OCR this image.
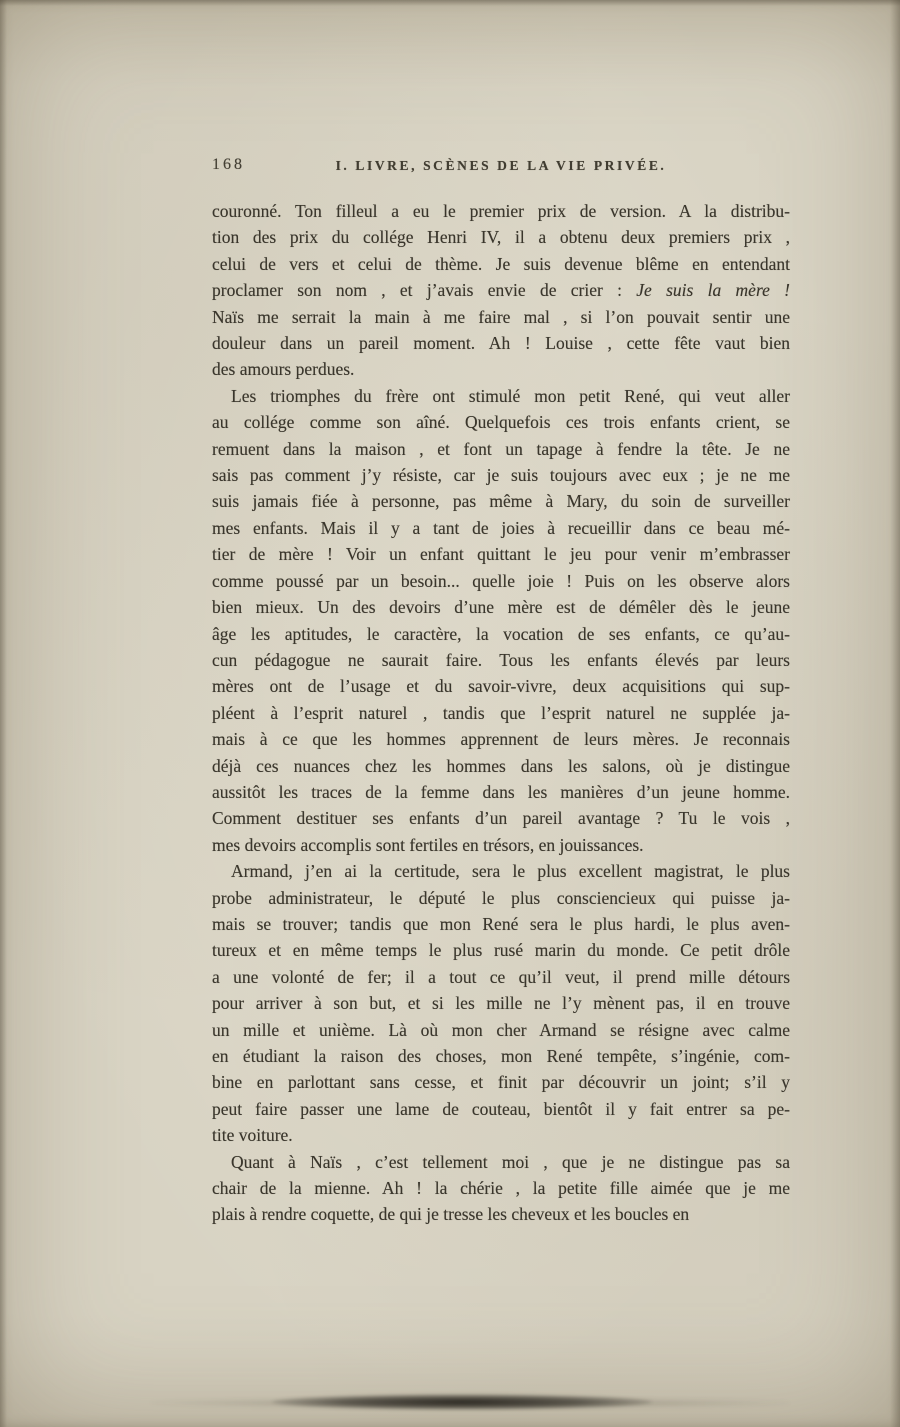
168	I. LIVRE, SCÈNES DE LA VIE PRIVÉE.
couronné. Ton filleul a eu le premier prix de version. A la distribu-
tion des prix du collége Henri IV, il a obtenu deux premiers prix ,
celui de vers et celui de thème. Je suis devenue blême en entendant
proclamer son nom , et j’avais envie de crier : Je suis la mère !
Naïs me serrait la main à me faire mal , si l’on pouvait sentir une
douleur dans un pareil moment. Ah ! Louise , cette fête vaut bien
des amours perdues.
Les triomphes du frère ont stimulé mon petit René, qui veut aller
au collége comme son aîné. Quelquefois ces trois enfants crient, se
remuent dans la maison , et font un tapage à fendre la tête. Je ne
sais pas comment j’y résiste, car je suis toujours avec eux ; je ne me
suis jamais fiée à personne, pas même à Mary, du soin de surveiller
mes enfants. Mais il y a tant de joies à recueillir dans ce beau mé-
tier de mère ! Voir un enfant quittant le jeu pour venir m’embrasser
comme poussé par un besoin... quelle joie ! Puis on les observe alors
bien mieux. Un des devoirs d’une mère est de démêler dès le jeune
âge les aptitudes, le caractère, la vocation de ses enfants, ce qu’au-
cun pédagogue ne saurait faire. Tous les enfants élevés par leurs
mères ont de l’usage et du savoir-vivre, deux acquisitions qui sup-
pléent à l’esprit naturel , tandis que l’esprit naturel ne supplée ja-
mais à ce que les hommes apprennent de leurs mères. Je reconnais
déjà ces nuances chez les hommes dans les salons, où je distingue
aussitôt les traces de la femme dans les manières d’un jeune homme.
Comment destituer ses enfants d’un pareil avantage ? Tu le vois ,
mes devoirs accomplis sont fertiles en trésors, en jouissances.
Armand, j’en ai la certitude, sera le plus excellent magistrat, le plus
probe administrateur, le député le plus consciencieux qui puisse ja-
mais se trouver; tandis que mon René sera le plus hardi, le plus aven-
tureux et en même temps le plus rusé marin du monde. Ce petit drôle
a une volonté de fer; il a tout ce qu’il veut, il prend mille détours
pour arriver à son but, et si les mille ne l’y mènent pas, il en trouve
un mille et unième. Là où mon cher Armand se résigne avec calme
en étudiant la raison des choses, mon René tempête, s’ingénie, com-
bine en parlottant sans cesse, et finit par découvrir un joint; s’il y
peut faire passer une lame de couteau, bientôt il y fait entrer sa pe-
tite voiture.
Quant à Naïs , c’est tellement moi , que je ne distingue pas sa
chair de la mienne. Ah ! la chérie , la petite fille aimée que je me
plais à rendre coquette, de qui je tresse les cheveux et les boucles en
